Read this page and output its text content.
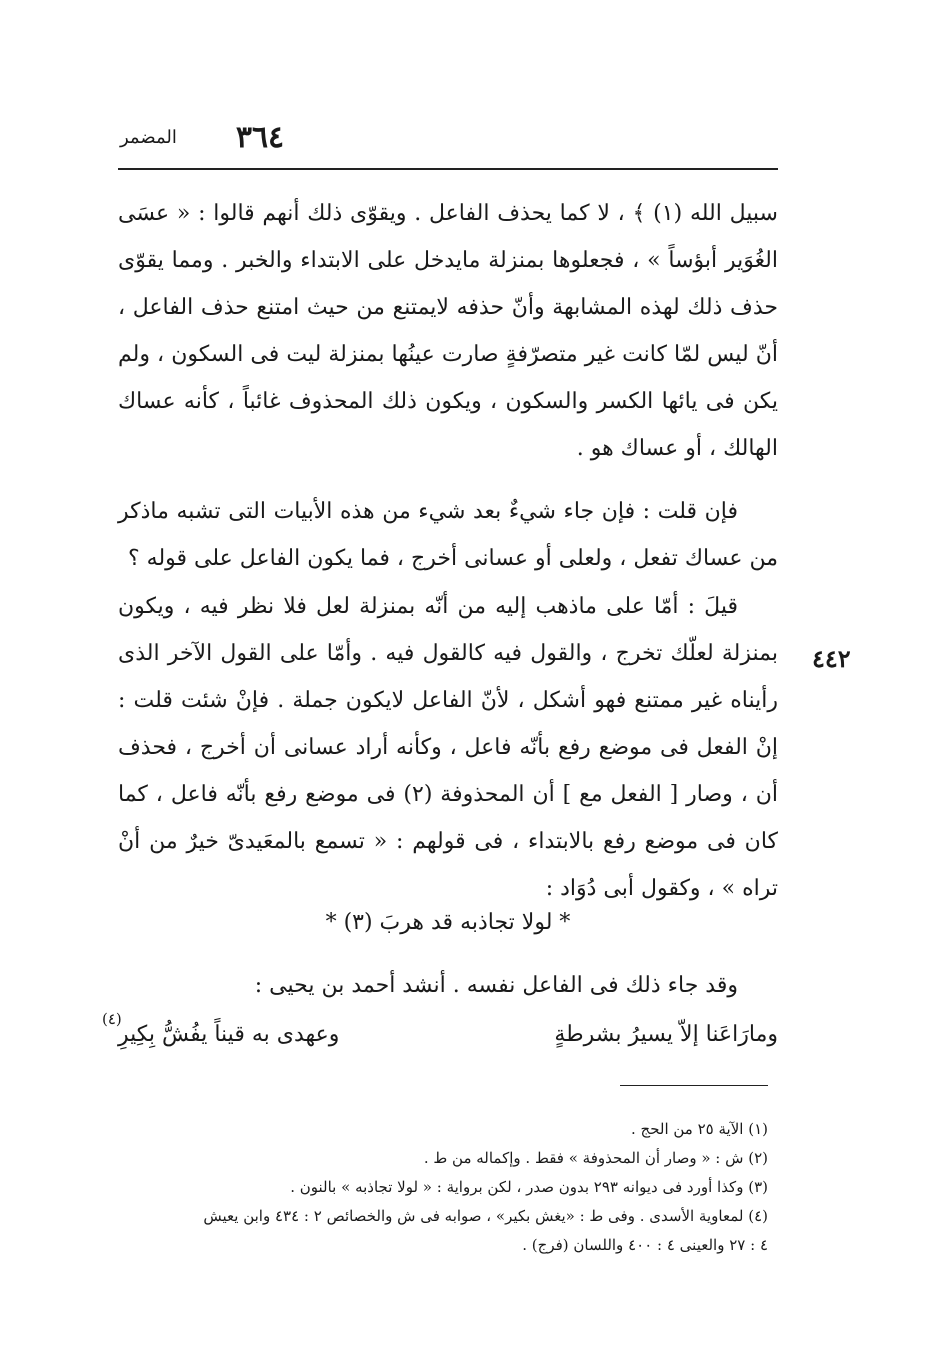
٣٦٤
المضمر
٤٤٢

سبيل الله (١) ﴾ ، لا كما يحذف الفاعل . ويقوّى ذلك أنهم قالوا : « عسَى الغُوَير أبؤساً » ، فجعلوها بمنزلة مايدخل على الابتداء والخبر . ومما يقوّى حذف ذلك لهذه المشابهة وأنّ حذفه لايمتنع من حيث امتنع حذف الفاعل ، أنّ ليس لمّا كانت غير متصرّفةٍ صارت عينُها بمنزلة ليت فى السكون ، ولم يكن فى يائها الكسر والسكون ، ويكون ذلك المحذوف غائباً ، كأنه عساك الهالك ، أو عساك هو .

فإن قلت : فإن جاء شيءٌ بعد شيء من هذه الأبيات التى تشبه ماذكر من عساك تفعل ، ولعلى أو عسانى أخرج ، فما يكون الفاعل على قوله ؟

قيلَ : أمّا على ماذهب إليه من أنّه بمنزلة لعل فلا نظر فيه ، ويكون بمنزلة لعلّك تخرج ، والقول فيه كالقول فيه . وأمّا على القول الآخر الذى رأيناه غير ممتنع فهو أشكل ، لأنّ الفاعل لايكون جملة . فإنْ شئت قلت : إنْ الفعل فى موضع رفع بأنّه فاعل ، وكأنه أراد عسانى أن أخرج ، فحذف أن ، وصار [ الفعل مع ] أن المحذوفة (٢) فى موضع رفع بأنّه فاعل ، كما كان فى موضع رفع بالابتداء ، فى قولهم : « تسمع بالمعَيدىّ خيرٌ من أنْ تراه » ، وكقول أبى دُوَاد :

* لولا تجاذبه قد هربَ (٣) *

وقد جاء ذلك فى الفاعل نفسه . أنشد أحمد بن يحيى :

ومارَاعَنا إلاّ يسيرُ بشرطةٍ
وعهدى به قيناً يفُشُّ بِكِيرِ
(٤)
(١) الآية ٢٥ من الحج .
(٢) ش : « وصار أن المحذوفة » فقط . وإكماله من ط .
(٣) وكذا أورد فى ديوانه ٢٩٣ بدون صدر ، لكن برواية : « لولا تجاذبه » بالنون .
(٤) لمعاوية الأسدى . وفى ط : «يغش بكير» ، صوابه فى ش والخصائص ٢ : ٤٣٤ وابن يعيش
٤ : ٢٧ والعينى ٤ : ٤٠٠ واللسان (فرج) .
